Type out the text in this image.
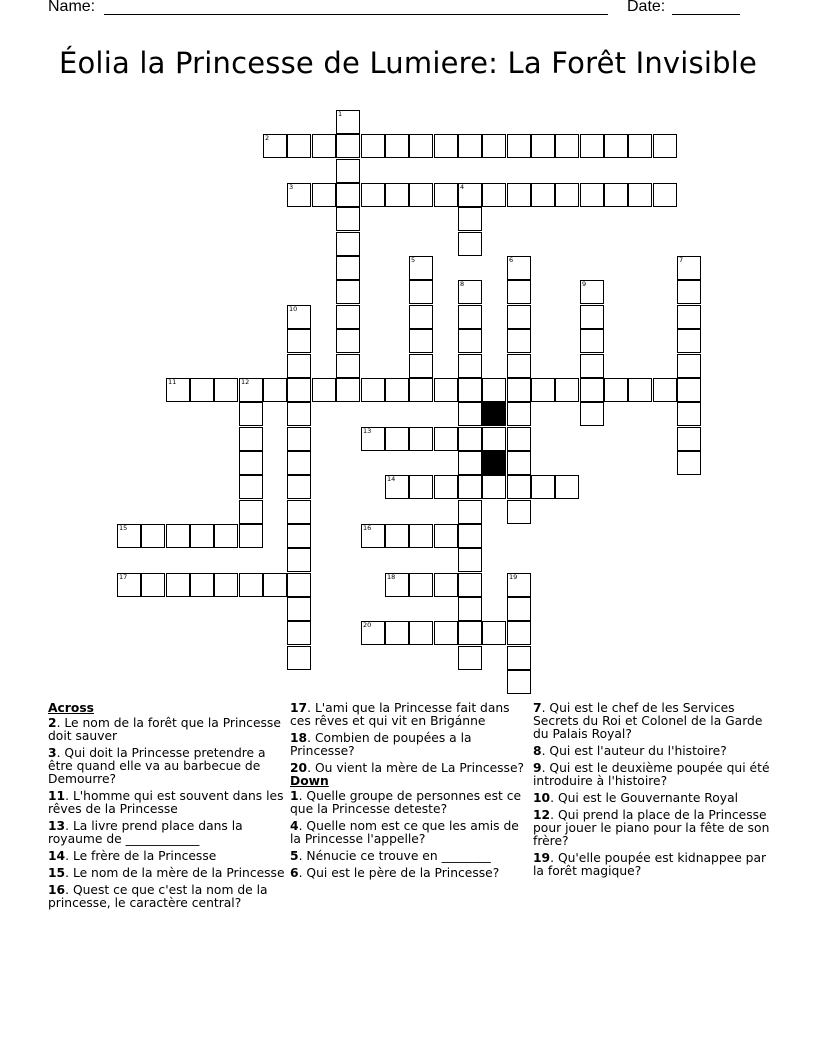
Name:	Date:
Éolia la Princesse de Lumiere: La Forêt Invisible
2
3	4
11	12
13
14
15	16
17	18
20
1
5	6	7
8	9
10
19
Across
2. Le nom de la forêt que la Princesse doit sauver
3. Qui doit la Princesse pretendre a être quand elle va au barbecue de Demourre?
11. L'homme qui est souvent dans les rêves de la Princesse
13. La livre prend place dans la royaume de ____________
14. Le frère de la Princesse
15. Le nom de la mère de la Princesse
16. Quest ce que c'est la nom de la princesse, le caractère central?
17. L'ami que la Princesse fait dans ces rêves et qui vit en Brigánne
18. Combien de poupées a la Princesse?
20. Ou vient la mère de La Princesse?
Down
1. Quelle groupe de personnes est ce que la Princesse deteste?
4. Quelle nom est ce que les amis de la Princesse l'appelle?
5. Nénucie ce trouve en ________
6. Qui est le père de la Princesse?
7. Qui est le chef de les Services Secrets du Roi et Colonel de la Garde du Palais Royal?
8. Qui est l'auteur du l'histoire?
9. Qui est le deuxième poupée qui été introduire à l'histoire?
10. Qui est le Gouvernante Royal
12. Qui prend la place de la Princesse pour jouer le piano pour la fête de son frère?
19. Qu'elle poupée est kidnappee par la forêt magique?
